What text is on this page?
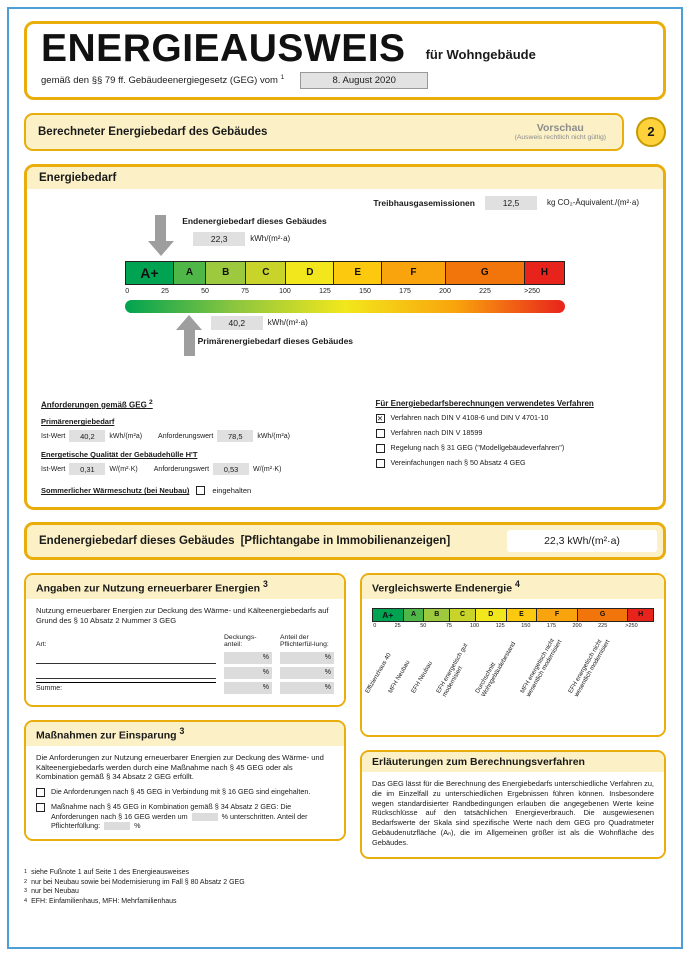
ENERGIEAUSWEIS für Wohngebäude
gemäß den §§ 79 ff. Gebäudeenergiegesetz (GEG) vom $^1$	8. August 2020
Berechneter Energiebedarf des Gebäudes	Vorschau
(Ausweis rechtlich nicht gültig)	2
Energiebedarf
Treibhausgasemissionen	12,5	kg CO₂-Äquivalent./(m²·a)
Endenergiebedarf dieses Gebäudes
22,3	kWh/(m²·a)
A+	A	B	C	D	E	F	G	H
0	25	50	75	100	125	150	175	200	225	>250
40,2	kWh/(m²·a)
Primärenergiebedarf dieses Gebäudes
Anforderungen gemäß GEG $^2$
Primärenergiebedarf
Ist-Wert	40,2	kWh/(m²a) Anforderungswert	78,5	kWh/(m²a)
Energetische Qualität der Gebäudehülle H'T
Ist-Wert	0,31	W/(m²·K) Anforderungswert	0,53	W/(m²·K)
Sommerlicher Wärmeschutz (bei Neubau)	eingehalten
Für Energiebedarfsberechnungen verwendetes Verfahren
✕ Verfahren nach DIN V 4108-6 und DIN V 4701-10
Verfahren nach DIN V 18599
Regelung nach § 31 GEG ("Modellgebäudeverfahren")
Vereinfachungen nach § 50 Absatz 4 GEG
Endenergiebedarf dieses Gebäudes [Pflichtangabe in Immobilienanzeigen]	22,3 kWh/(m²·a)
Angaben zur Nutzung erneuerbarer Energien $^3$
Nutzung erneuerbarer Energien zur Deckung des Wärme- und Kälteenergiebedarfs auf Grund des § 10 Absatz 2 Nummer 3 GEG
Art:
Deckungs-anteil:
Anteil der Pflichterfül-lung:
%	%
%	%
Summe:	%	%
Maßnahmen zur Einsparung $^3$
Die Anforderungen zur Nutzung erneuerbarer Energien zur Deckung des Wärme- und Kälteenergiebedarfs werden durch eine Maßnahme nach § 45 GEG oder als Kombination gemäß § 34 Absatz 2 GEG erfüllt.
Die Anforderungen nach § 45 GEG in Verbindung mit § 16 GEG sind eingehalten.
Maßnahme nach § 45 GEG in Kombination gemäß § 34 Absatz 2 GEG: Die Anforderungen nach § 16 GEG werden um	% unterschritten. Anteil der Pflichterfüllung:	%
Vergleichswerte Endenergie $^4$
A+	A	B	C	D	E	F	G	H
0	25	50	75	100	125	150	175	200	225	>250
Effizienzhaus 40
MFH Neubau
EFH Neubau EFH energetisch gut modernisiert	Durchschnitt Wohngebäudebestand MFH energetisch nicht wesentlich modernisiert EFH energetisch nicht wesentlich modernisiert
Erläuterungen zum Berechnungsverfahren
Das GEG lässt für die Berechnung des Energiebedarfs unterschiedliche Verfahren zu, die im Einzelfall zu unterschiedlichen Ergebnissen führen können. Insbesondere wegen standardisierter Randbedingungen erlauben die angegebenen Werte keine Rückschlüsse auf den tatsächlichen Energieverbrauch. Die ausgewiesenen Bedarfswerte der Skala sind spezifische Werte nach dem GEG pro Quadratmeter Gebäudenutzfläche (Aₙ), die im Allgemeinen größer ist als die Wohnfläche des Gebäudes.
1 siehe Fußnote 1 auf Seite 1 des Energieausweises
2 nur bei Neubau sowie bei Modernisierung im Fall § 80 Absatz 2 GEG
3 nur bei Neubau
4 EFH: Einfamilienhaus, MFH: Mehrfamilienhaus
